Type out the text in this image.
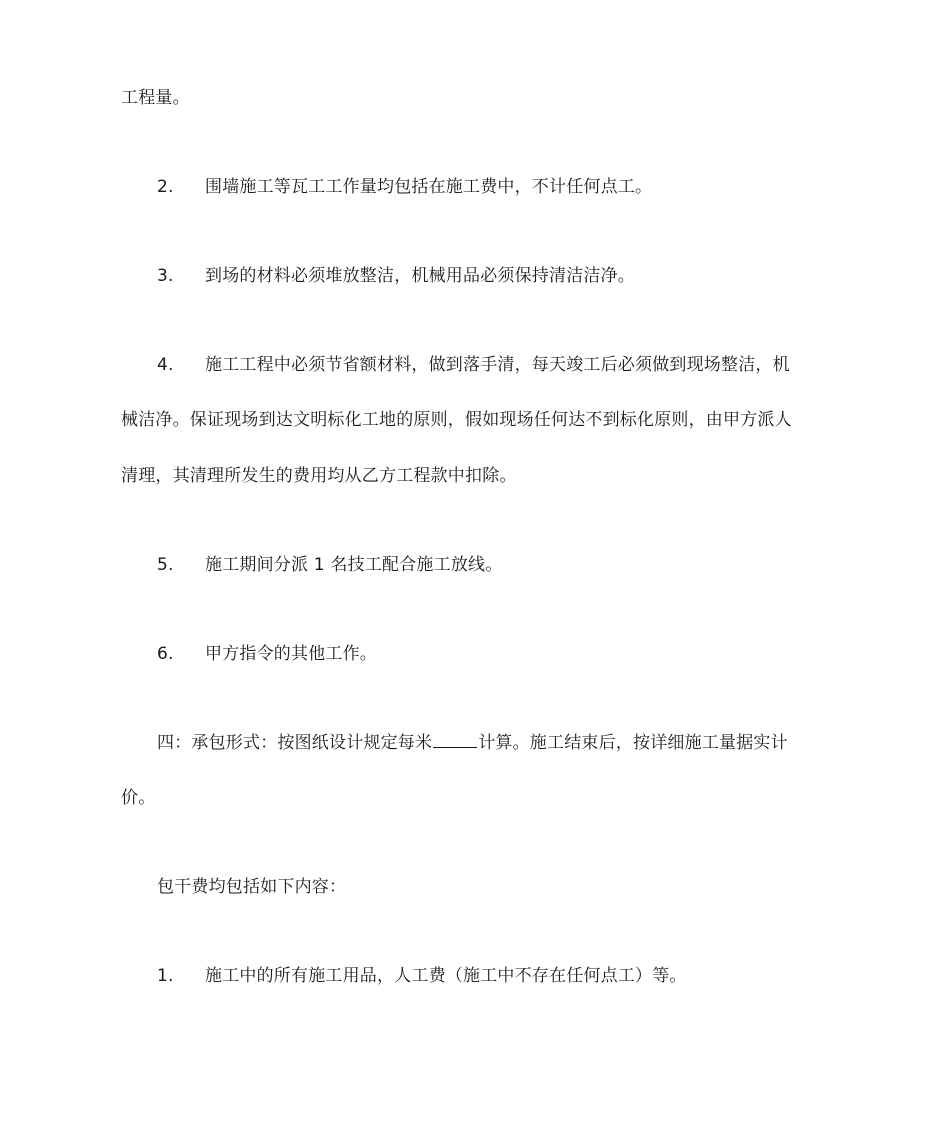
工程量。
2. 围墙施工等瓦工工作量均包括在施工费中，不计任何点工。
3. 到场的材料必须堆放整洁，机械用品必须保持清洁洁净。
4. 施工工程中必须节省额材料，做到落手清，每天竣工后必须做到现场整洁，机
械洁净。保证现场到达文明标化工地的原则，假如现场任何达不到标化原则，由甲方派人
清理，其清理所发生的费用均从乙方工程款中扣除。
5. 施工期间分派 1 名技工配合施工放线。
6. 甲方指令的其他工作。
四：承包形式：按图纸设计规定每米	计算。施工结束后，按详细施工量据实计
价。
包干费均包括如下内容：
1. 施工中的所有施工用品，人工费（施工中不存在任何点工）等。
